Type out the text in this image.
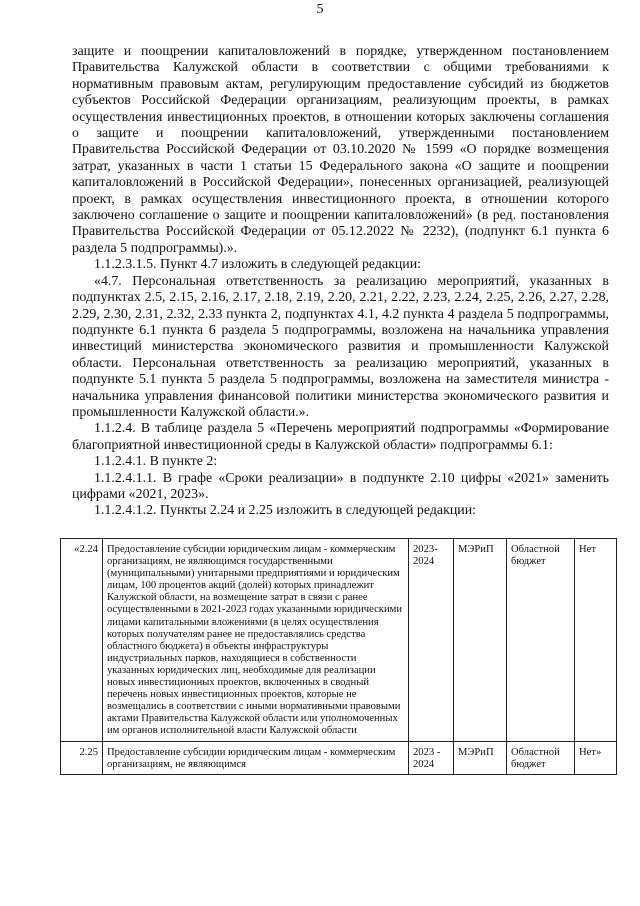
5

защите и поощрении капиталовложений в порядке, утвержденном постановлением Правительства Калужской области в соответствии с общими требованиями к нормативным правовым актам, регулирующим предоставление субсидий из бюджетов субъектов Российской Федерации организациям, реализующим проекты, в рамках осуществления инвестиционных проектов, в отношении которых заключены соглашения о защите и поощрении капиталовложений, утвержденными постановлением Правительства Российской Федерации от 03.10.2020 № 1599 «О порядке возмещения затрат, указанных в части 1 статьи 15 Федерального закона «О защите и поощрении капиталовложений в Российской Федерации», понесенных организацией, реализующей проект, в рамках осуществления инвестиционного проекта, в отношении которого заключено соглашение о защите и поощрении капиталовложений» (в ред. постановления Правительства Российской Федерации от 05.12.2022 № 2232), (подпункт 6.1 пункта 6 раздела 5 подпрограммы).».

1.1.2.3.1.5. Пункт 4.7 изложить в следующей редакции:

«4.7. Персональная ответственность за реализацию мероприятий, указанных в подпунктах 2.5, 2.15, 2.16, 2.17, 2.18, 2.19, 2.20, 2.21, 2.22, 2.23, 2.24, 2.25, 2.26, 2.27, 2.28, 2.29, 2.30, 2.31, 2.32, 2.33 пункта 2, подпунктах 4.1, 4.2 пункта 4 раздела 5 подпрограммы, подпункте 6.1 пункта 6 раздела 5 подпрограммы, возложена на начальника управления инвестиций министерства экономического развития и промышленности Калужской области. Персональная ответственность за реализацию мероприятий, указанных в подпункте 5.1 пункта 5 раздела 5 подпрограммы, возложена на заместителя министра - начальника управления финансовой политики министерства экономического развития и промышленности Калужской области.».

1.1.2.4. В таблице раздела 5 «Перечень мероприятий подпрограммы «Формирование благоприятной инвестиционной среды в Калужской области» подпрограммы 6.1:

1.1.2.4.1. В пункте 2:

1.1.2.4.1.1. В графе «Сроки реализации» в подпункте 2.10 цифры «2021» заменить цифрами «2021, 2023».

1.1.2.4.1.2. Пункты 2.24 и 2.25 изложить в следующей редакции:

«2.24	Предоставление субсидии юридическим лицам - коммерческим организациям, не являющимся государственными (муниципальными) унитарными предприятиями и юридическим лицам, 100 процентов акций (долей) которых принадлежит Калужской области, на возмещение затрат в связи с ранее осуществленными в 2021-2023 годах указанными юридическими лицами капитальными вложениями (в целях осуществления которых получателям ранее не предоставлялись средства областного бюджета) в объекты инфраструктуры индустриальных парков, находящиеся в собственности указанных юридических лиц, необходимые для реализации новых инвестиционных проектов, включенных в сводный перечень новых инвестиционных проектов, которые не возмещались в соответствии с иными нормативными правовыми актами Правительства Калужской области или уполномоченных им органов исполнительной власти Калужской области	2023-2024	МЭРиП	Областной бюджет	Нет
2.25	Предоставление субсидии юридическим лицам - коммерческим организациям, не являющимся	2023 - 2024	МЭРиП	Областной бюджет	Нет»
